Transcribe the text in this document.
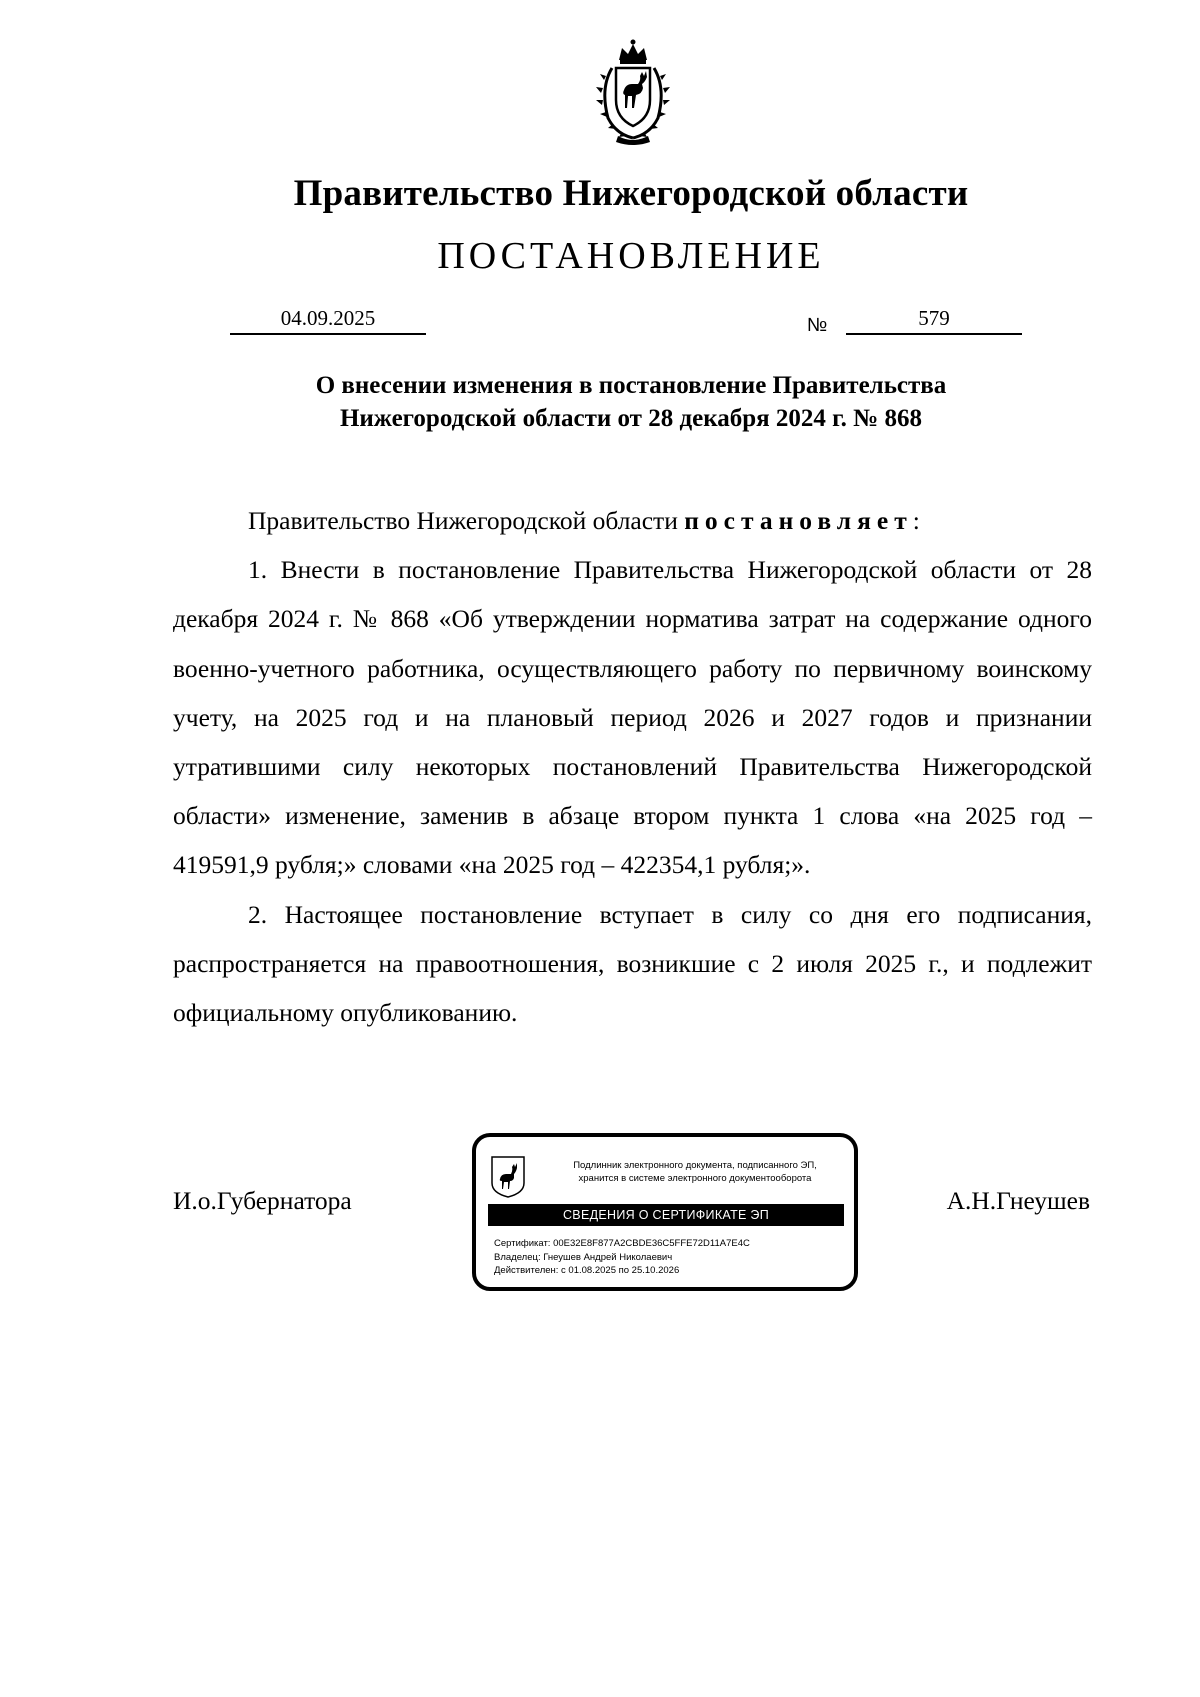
Правительство Нижегородской области
ПОСТАНОВЛЕНИЕ
04.09.2025	№	579
О внесении изменения в постановление Правительства
Нижегородской области от 28 декабря 2024 г. № 868

Правительство Нижегородской области постановляет:

1. Внести в постановление Правительства Нижегородской области от 28 декабря 2024 г. № 868 «Об утверждении норматива затрат на содержание одного военно-учетного работника, осуществляющего работу по первичному воинскому учету, на 2025 год и на плановый период 2026 и 2027 годов и признании утратившими силу некоторых постановлений Правительства Нижегородской области» изменение, заменив в абзаце втором пункта 1 слова «на 2025 год – 419591,9 рубля;» словами «на 2025 год – 422354,1 рубля;».

2. Настоящее постановление вступает в силу со дня его подписания, распространяется на правоотношения, возникшие с 2 июля 2025 г., и подлежит официальному опубликованию.

И.о.Губернатора	А.Н.Гнеушев
Подлинник электронного документа, подписанного ЭП,
хранится в системе электронного документооборота
СВЕДЕНИЯ О СЕРТИФИКАТЕ ЭП
Сертификат: 00E32E8F877A2CBDE36C5FFE72D11A7E4C
Владелец: Гнеушев Андрей Николаевич
Действителен: с 01.08.2025 по 25.10.2026
